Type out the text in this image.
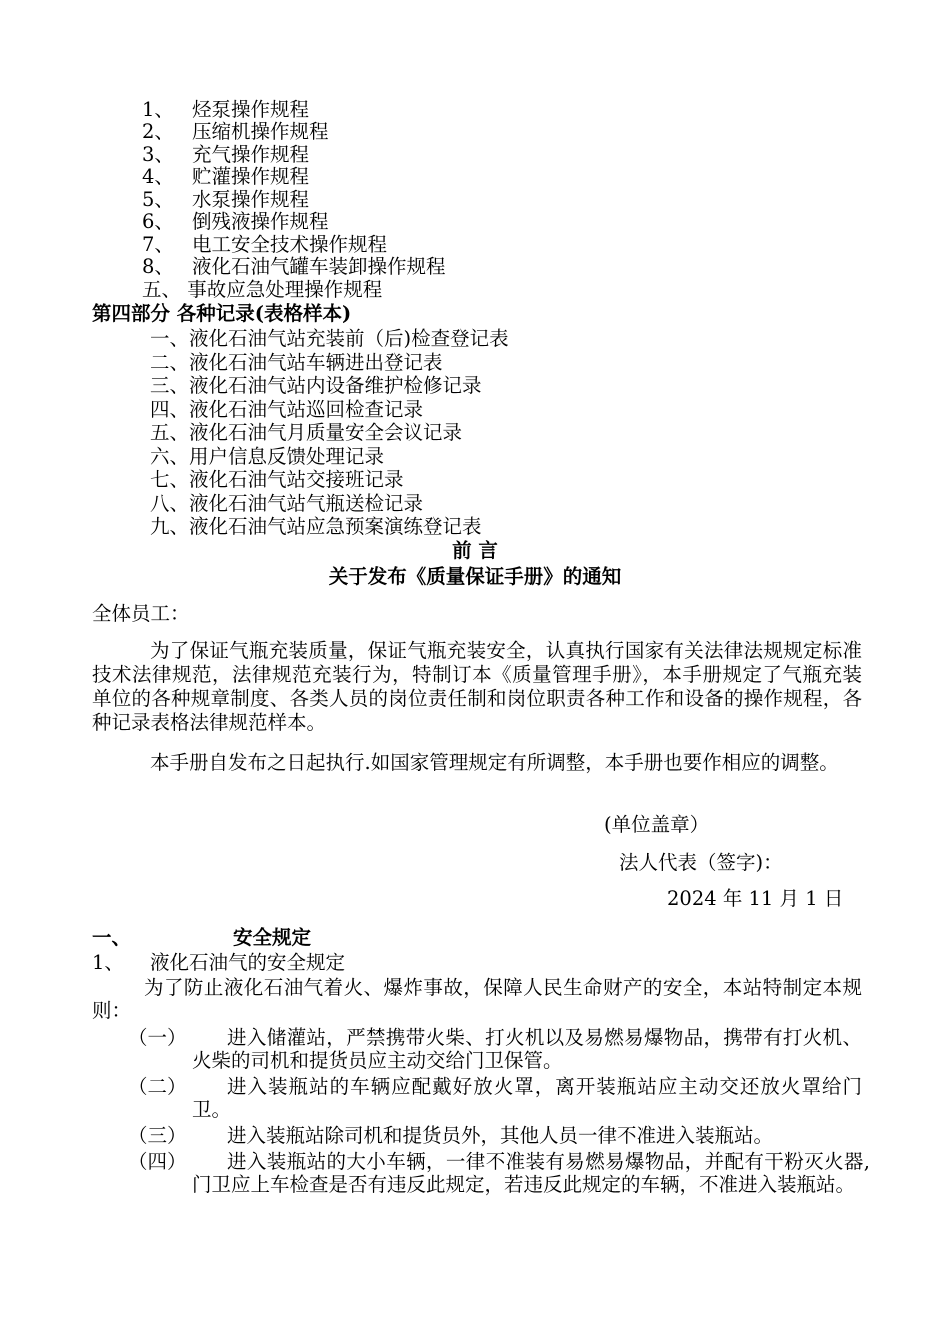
1、 烃泵操作规程
2、 压缩机操作规程
3、 充气操作规程
4、 贮灌操作规程
5、 水泵操作规程
6、 倒残液操作规程
7、 电工安全技术操作规程
8、 液化石油气罐车装卸操作规程
五、 事故应急处理操作规程
第四部分 各种记录(表格样本)
一、液化石油气站充装前（后)检查登记表
二、液化石油气站车辆进出登记表
三、液化石油气站内设备维护检修记录
四、液化石油气站巡回检查记录
五、液化石油气月质量安全会议记录
六、用户信息反馈处理记录
七、液化石油气站交接班记录
八、液化石油气站气瓶送检记录
九、液化石油气站应急预案演练登记表
前 言
关于发布《质量保证手册》的通知
全体员工：
为了保证气瓶充装质量，保证气瓶充装安全，认真执行国家有关法律法规规定标准技术法律规范，法律规范充装行为，特制订本《质量管理手册》，本手册规定了气瓶充装单位的各种规章制度、各类人员的岗位责任制和岗位职责各种工作和设备的操作规程，各种记录表格法律规范样本。
本手册自发布之日起执行.如国家管理规定有所调整，本手册也要作相应的调整。
(单位盖章）
法人代表（签字)：
2024 年 11 月 1 日
一、	安全规定
1、 液化石油气的安全规定
为了防止液化石油气着火、爆炸事故，保障人民生命财产的安全，本站特制定本规则：
（一）	进入储灌站，严禁携带火柴、打火机以及易燃易爆物品，携带有打火机、火柴的司机和提货员应主动交给门卫保管。
（二）	进入装瓶站的车辆应配戴好放火罩，离开装瓶站应主动交还放火罩给门卫。
（三）	进入装瓶站除司机和提货员外，其他人员一律不准进入装瓶站。
（四）	进入装瓶站的大小车辆，一律不准装有易燃易爆物品，并配有干粉灭火器,门卫应上车检查是否有违反此规定，若违反此规定的车辆，不准进入装瓶站。
